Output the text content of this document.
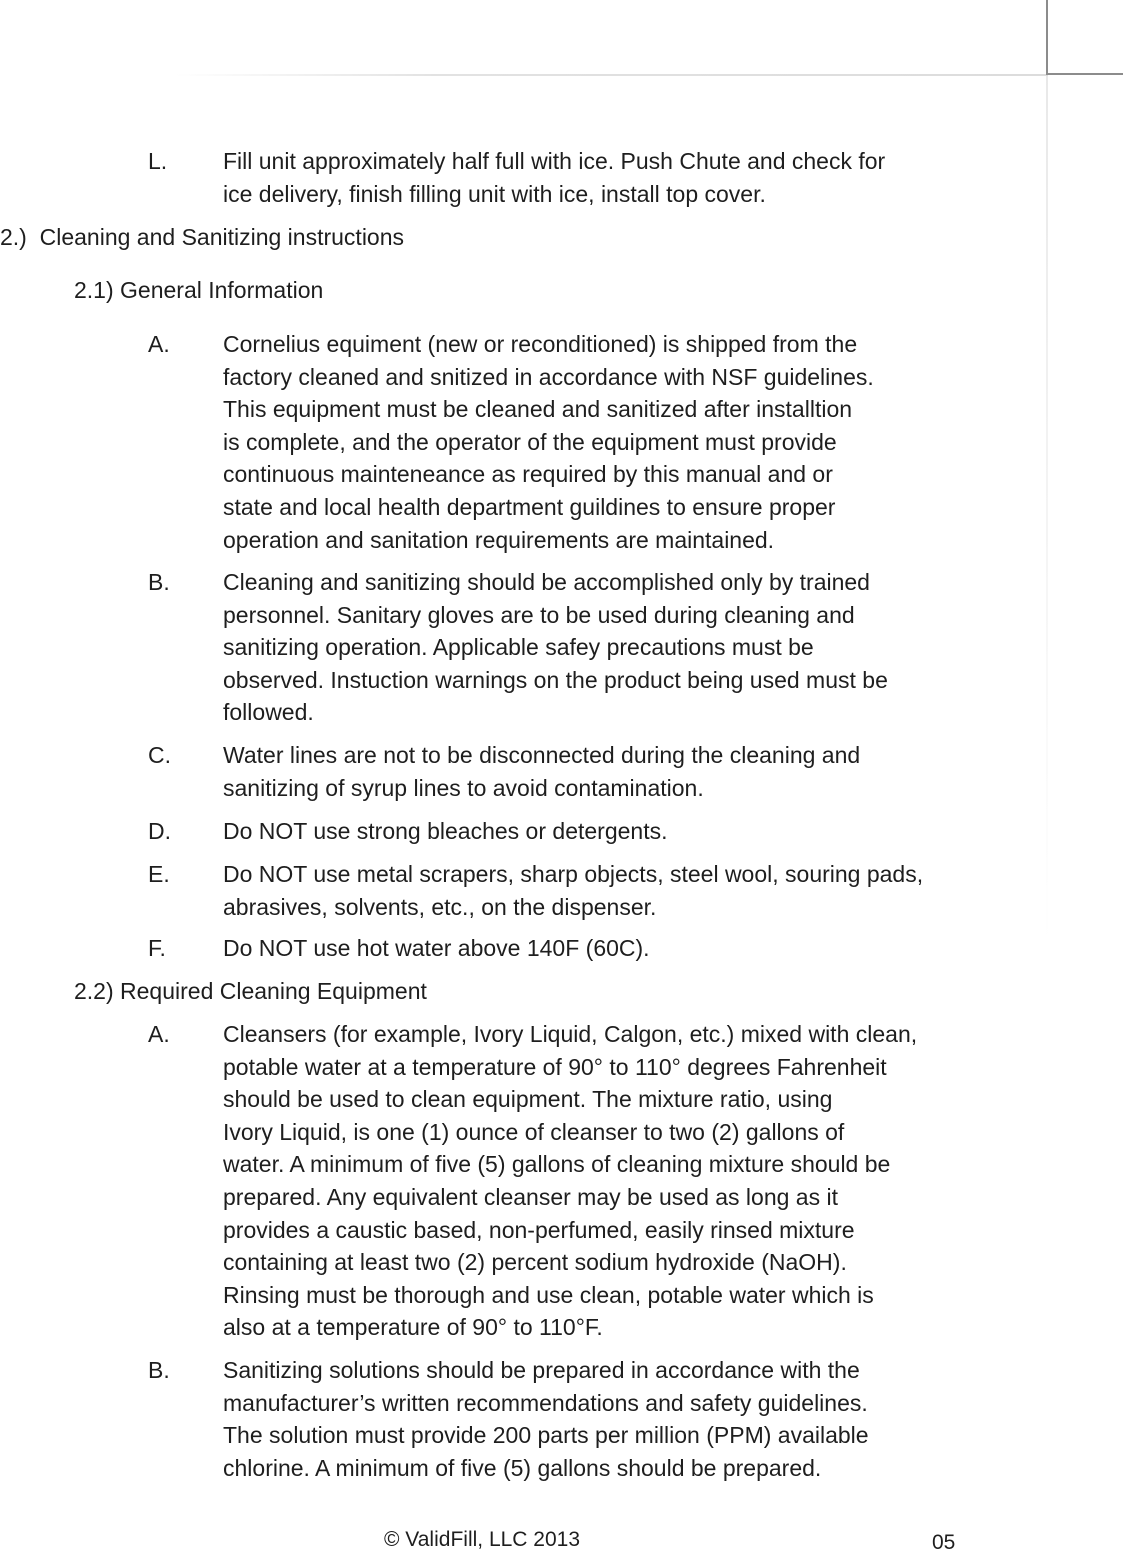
L. Fill unit approximately half full with ice. Push Chute and check for
ice delivery, finish filling unit with ice, install top cover.
2.) Cleaning and Sanitizing instructions
2.1) General Information
A. Cornelius equiment (new or reconditioned) is shipped from the
factory cleaned and snitized in accordance with NSF guidelines.
This equipment must be cleaned and sanitized after installtion
is complete, and the operator of the equipment must provide
continuous mainteneance as required by this manual and or
state and local health department guildines to ensure proper
operation and sanitation requirements are maintained.
B. Cleaning and sanitizing should be accomplished only by trained
personnel. Sanitary gloves are to be used during cleaning and
sanitizing operation. Applicable safey precautions must be
observed. Instuction warnings on the product being used must be
followed.
C. Water lines are not to be disconnected during the cleaning and
sanitizing of syrup lines to avoid contamination.
D. Do NOT use strong bleaches or detergents.
E. Do NOT use metal scrapers, sharp objects, steel wool, souring pads,
abrasives, solvents, etc., on the dispenser.
F. Do NOT use hot water above 140F (60C).
2.2) Required Cleaning Equipment
A. Cleansers (for example, Ivory Liquid, Calgon, etc.) mixed with clean,
potable water at a temperature of 90° to 110° degrees Fahrenheit
should be used to clean equipment. The mixture ratio, using
Ivory Liquid, is one (1) ounce of cleanser to two (2) gallons of
water. A minimum of five (5) gallons of cleaning mixture should be
prepared. Any equivalent cleanser may be used as long as it
provides a caustic based, non-perfumed, easily rinsed mixture
containing at least two (2) percent sodium hydroxide (NaOH).
Rinsing must be thorough and use clean, potable water which is
also at a temperature of 90° to 110°F.
B. Sanitizing solutions should be prepared in accordance with the
manufacturer’s written recommendations and safety guidelines.
The solution must provide 200 parts per million (PPM) available
chlorine. A minimum of five (5) gallons should be prepared.
© ValidFill, LLC 2013	05
